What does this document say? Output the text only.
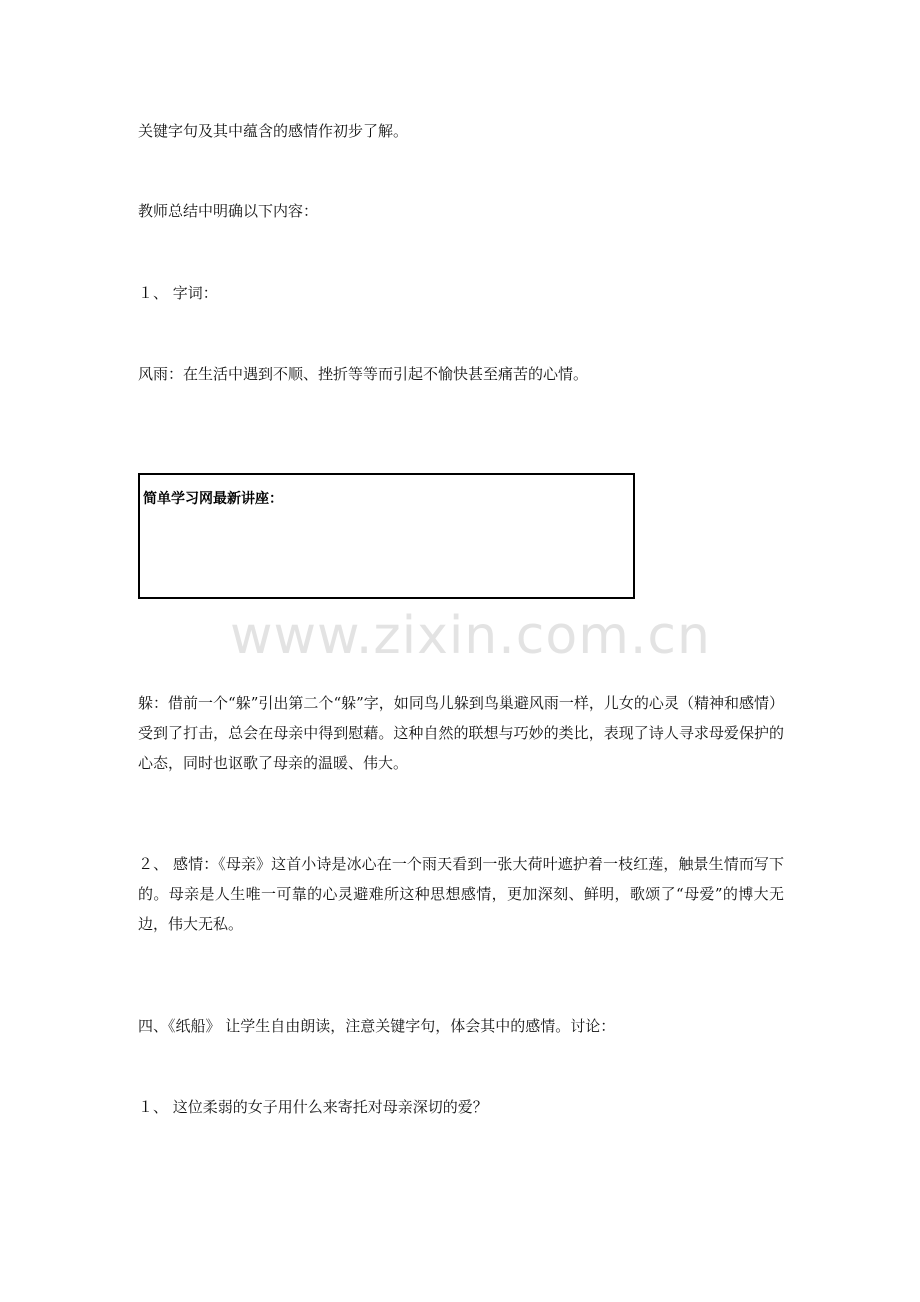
关键字句及其中蕴含的感情作初步了解。
教师总结中明确以下内容：
１、 字词：
风雨：在生活中遇到不顺、挫折等等而引起不愉快甚至痛苦的心情。
简单学习网最新讲座：
www.zixin.com.cn
躲：借前一个“躲”引出第二个“躲”字，如同鸟儿躲到鸟巢避风雨一样，儿女的心灵（精神和感情）受到了打击，总会在母亲中得到慰藉。这种自然的联想与巧妙的类比，表现了诗人寻求母爱保护的心态，同时也讴歌了母亲的温暖、伟大。
２、 感情：《母亲》这首小诗是冰心在一个雨天看到一张大荷叶遮护着一枝红莲，触景生情而写下的。母亲是人生唯一可靠的心灵避难所这种思想感情，更加深刻、鲜明，歌颂了“母爱”的博大无边，伟大无私。
四、《纸船》 让学生自由朗读，注意关键字句，体会其中的感情。讨论：
１、 这位柔弱的女子用什么来寄托对母亲深切的爱？
